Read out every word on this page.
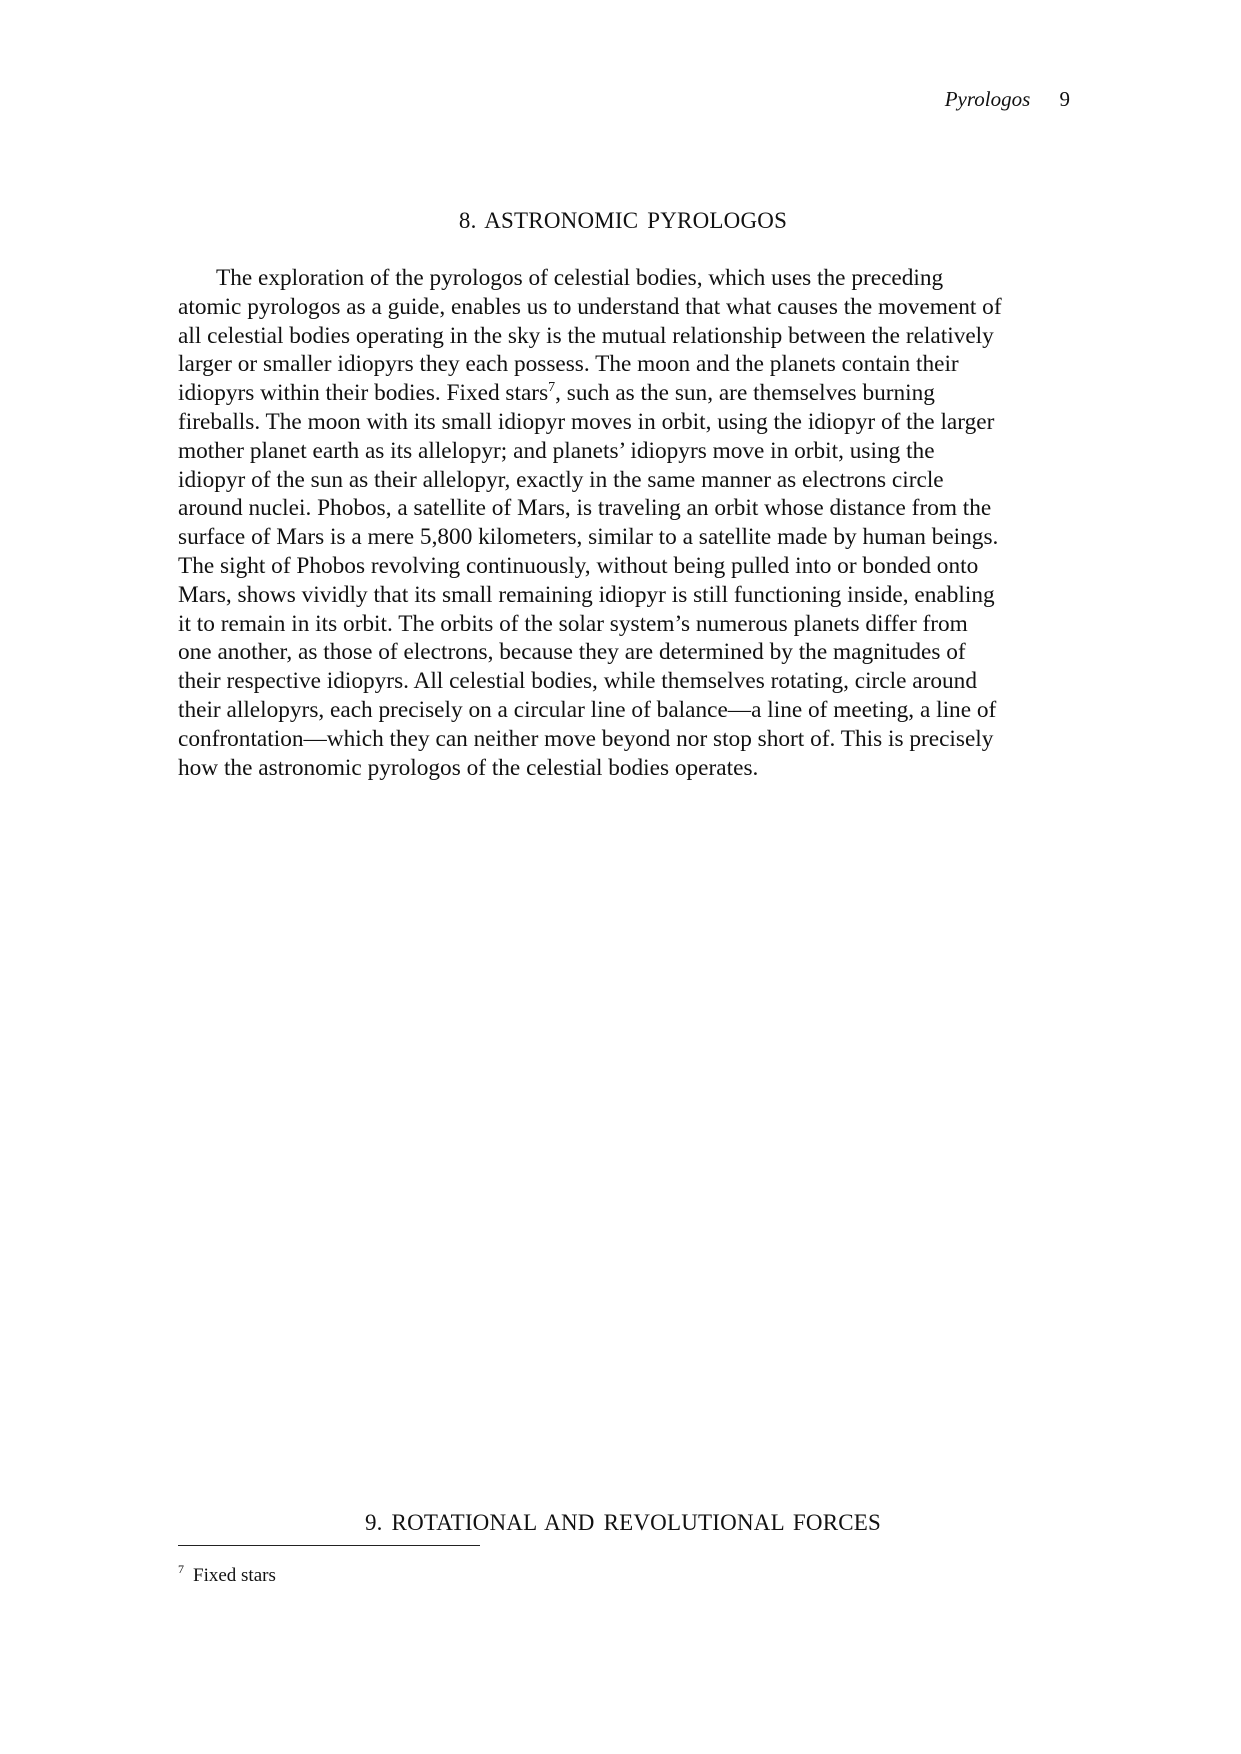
Pyrologos 9
8. ASTRONOMIC PYROLOGOS
The exploration of the pyrologos of celestial bodies, which uses the preceding
atomic pyrologos as a guide, enables us to understand that what causes the movement of
all celestial bodies operating in the sky is the mutual relationship between the relatively
larger or smaller idiopyrs they each possess. The moon and the planets contain their
idiopyrs within their bodies. Fixed stars$^7$, such as the sun, are themselves burning
fireballs. The moon with its small idiopyr moves in orbit, using the idiopyr of the larger
mother planet earth as its allelopyr; and planets’ idiopyrs move in orbit, using the
idiopyr of the sun as their allelopyr, exactly in the same manner as electrons circle
around nuclei. Phobos, a satellite of Mars, is traveling an orbit whose distance from the
surface of Mars is a mere 5,800 kilometers, similar to a satellite made by human beings.
The sight of Phobos revolving continuously, without being pulled into or bonded onto
Mars, shows vividly that its small remaining idiopyr is still functioning inside, enabling
it to remain in its orbit. The orbits of the solar system’s numerous planets differ from
one another, as those of electrons, because they are determined by the magnitudes of
their respective idiopyrs. All celestial bodies, while themselves rotating, circle around
their allelopyrs, each precisely on a circular line of balance—a line of meeting, a line of
confrontation—which they can neither move beyond nor stop short of. This is precisely
how the astronomic pyrologos of the celestial bodies operates.
9. ROTATIONAL AND REVOLUTIONAL FORCES
$^7$ Fixed stars
